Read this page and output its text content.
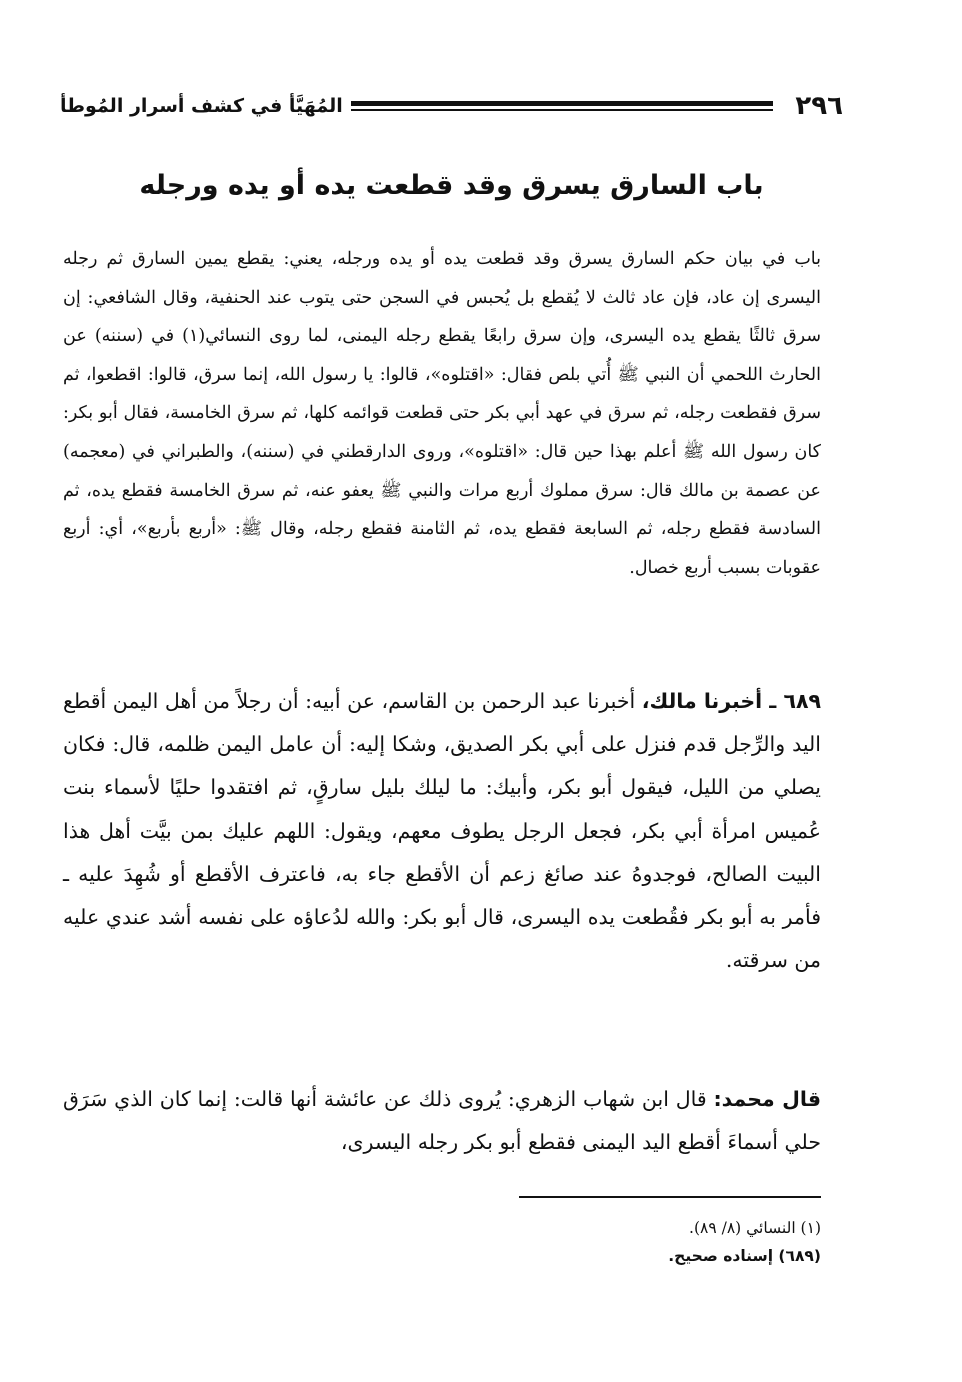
٢٩٦
المُهَيَّأ في كشف أسرار المُوطأ
باب السارق يسرق وقد قطعت يده أو يده ورجله

باب في بيان حكم السارق يسرق وقد قطعت يده أو يده ورجله، يعني: يقطع يمين السارق ثم رجله اليسرى إن عاد، فإن عاد ثالث لا يُقطع بل يُحبس في السجن حتى يتوب عند الحنفية، وقال الشافعي: إن سرق ثالثًا يقطع يده اليسرى، وإن سرق رابعًا يقطع رجله اليمنى، لما روى النسائي(١) في (سننه) عن الحارث اللحمي أن النبي ﷺ أُتي بلص فقال: «اقتلوه»، قالوا: يا رسول الله، إنما سرق، قالوا: اقطعوا، ثم سرق فقطعت رجله، ثم سرق في عهد أبي بكر حتى قطعت قوائمه كلها، ثم سرق الخامسة، فقال أبو بكر: كان رسول الله ﷺ أعلم بهذا حين قال: «اقتلوه»، وروى الدارقطني في (سننه)، والطبراني في (معجمه) عن عصمة بن مالك قال: سرق مملوك أربع مرات والنبي ﷺ يعفو عنه، ثم سرق الخامسة فقطع يده، ثم السادسة فقطع رجله، ثم السابعة فقطع يده، ثم الثامنة فقطع رجله، وقال ﷺ: «أربع بأربع»، أي: أربع عقوبات بسبب أربع خصال.

٦٨٩ ـ أخبرنا مالك، أخبرنا عبد الرحمن بن القاسم، عن أبيه: أن رجلاً من أهل اليمن أقطع اليد والرِّجل قدم فنزل على أبي بكر الصديق، وشكا إليه: أن عامل اليمن ظلمه، قال: فكان يصلي من الليل، فيقول أبو بكر، وأبيك: ما ليلك بليل سارقٍ، ثم افتقدوا حليًا لأسماء بنت عُميس امرأة أبي بكر، فجعل الرجل يطوف معهم، ويقول: اللهم عليك بمن بيَّت أهل هذا البيت الصالح، فوجدوهُ عند صائغ زعم أن الأقطع جاء به، فاعترف الأقطع أو شُهِدَ عليه ـ فأمر به أبو بكر فقُطعت يده اليسرى، قال أبو بكر: والله لدُعاؤه على نفسه أشد عندي عليه من سرقته.

قال محمد: قال ابن شهاب الزهري: يُروى ذلك عن عائشة أنها قالت: إنما كان الذي سَرَق حلي أسماءَ أقطع اليد اليمنى فقطع أبو بكر رجله اليسرى،

(١) النسائي (٨/ ٨٩).
(٦٨٩) إسناده صحيح.
